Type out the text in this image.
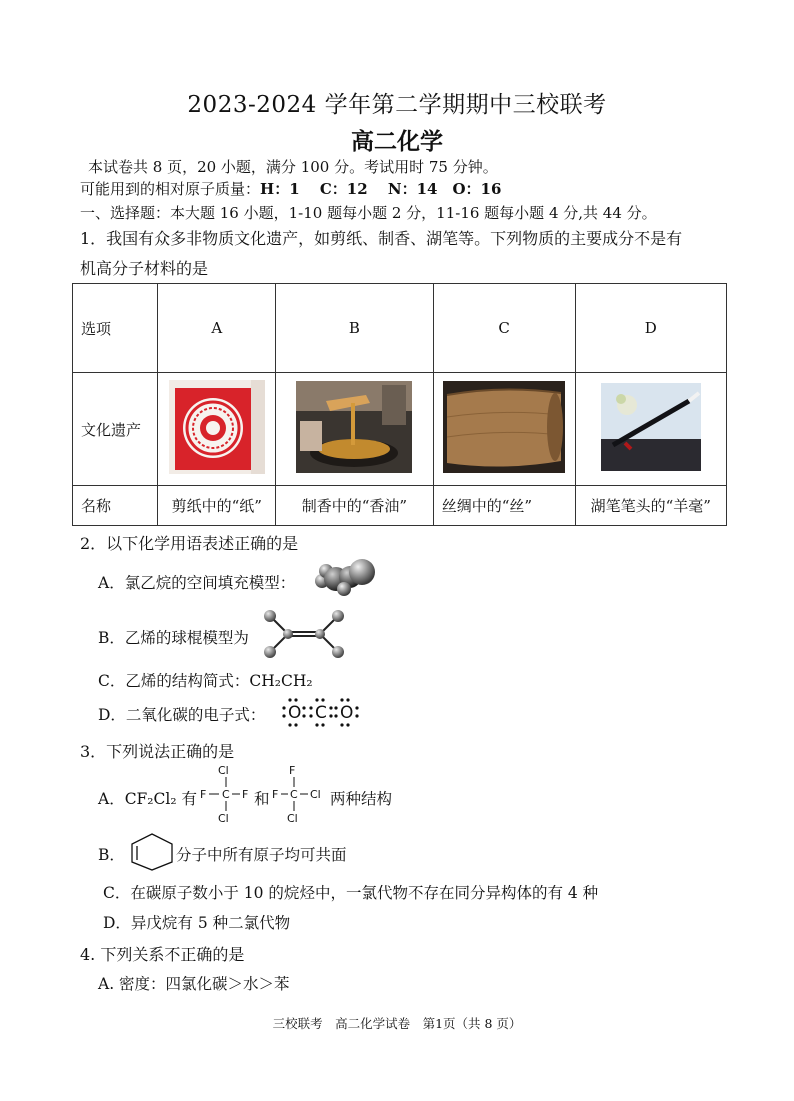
2023-2024 学年第二学期期中三校联考
高二化学
本试卷共 8 页，20 小题，满分 100 分。考试用时 75 分钟。
可能用到的相对原子质量：H：1　 C：12　 N：14　O：16
一、选择题：本大题 16 小题，1-10 题每小题 2 分，11-16 题每小题 4 分,共 44 分。
1．我国有众多非物质文化遗产，如剪纸、制香、湖笔等。下列物质的主要成分不是有
机高分子材料的是
选项	A	B	C	D
文化遗产				
名称	剪纸中的“纸”	制香中的“香油”	丝绸中的“丝”	湖笔笔头的“羊毫”
2．以下化学用语表述正确的是
A．氯乙烷的空间填充模型：
B．乙烯的球棍模型为
C．乙烯的结构简式：CH₂CH₂
D．二氧化碳的电子式： O C O
3．下列说法正确的是
A．CF₂Cl₂ 有
Cl
F C F
Cl
和
F
F C Cl
Cl
两种结构
B．	分子中所有原子均可共面
C．在碳原子数小于 10 的烷烃中，一氯代物不存在同分异构体的有 4 种
D．异戊烷有 5 种二氯代物
4. 下列关系不正确的是
A. 密度：四氯化碳＞水＞苯
三校联考　高二化学试卷　第1页（共 8 页）
